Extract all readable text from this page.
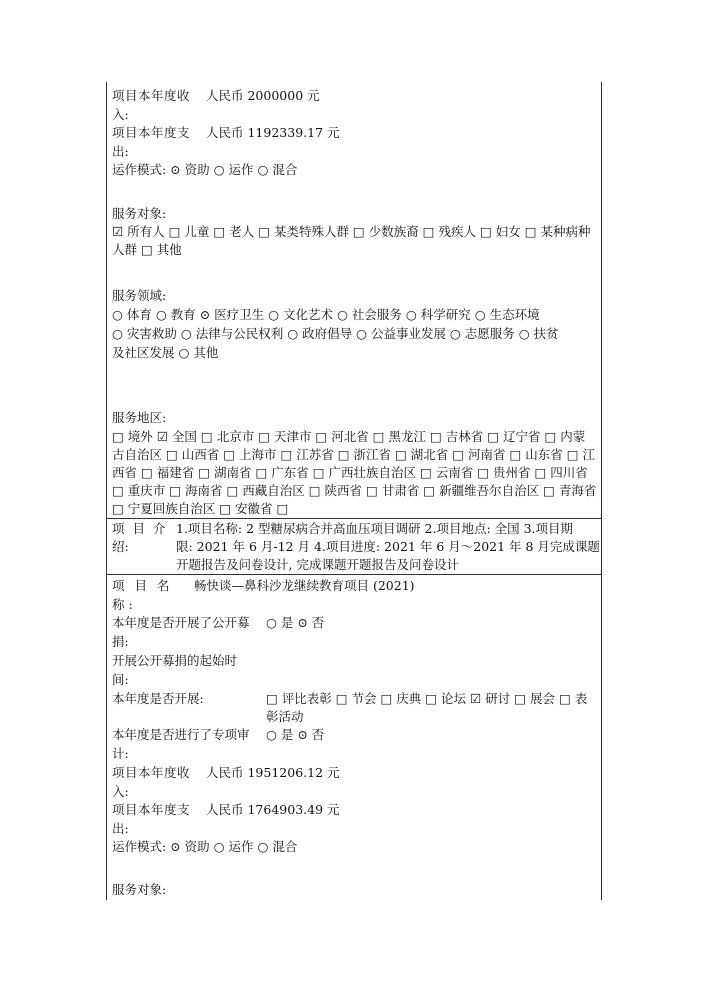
项目本年度收 人民币 2000000 元
入:
项目本年度支 人民币 1192339.17 元
出:
运作模式: ⊙ 资助 ○ 运作 ○ 混合
服务对象:
☑ 所有人 □ 儿童 □ 老人 □ 某类特殊人群 □ 少数族裔 □ 残疾人 □ 妇女 □ 某种病种
人群 □ 其他
服务领域:
○ 体育 ○ 教育 ⊙ 医疗卫生 ○ 文化艺术 ○ 社会服务 ○ 科学研究 ○ 生态环境
○ 灾害救助 ○ 法律与公民权利 ○ 政府倡导 ○ 公益事业发展 ○ 志愿服务 ○ 扶贫
及社区发展 ○ 其他
服务地区:
□ 境外 ☑ 全国 □ 北京市 □ 天津市 □ 河北省 □ 黑龙江 □ 吉林省 □ 辽宁省 □ 内蒙
古自治区 □ 山西省 □ 上海市 □ 江苏省 □ 浙江省 □ 湖北省 □ 河南省 □ 山东省 □ 江
西省 □ 福建省 □ 湖南省 □ 广东省 □ 广西壮族自治区 □ 云南省 □ 贵州省 □ 四川省
□ 重庆市 □ 海南省 □ 西藏自治区 □ 陕西省 □ 甘肃省 □ 新疆维吾尔自治区 □ 青海省
□ 宁夏回族自治区 □ 安徽省 □
项 目 介
绍:
1.项目名称: 2 型糖尿病合并高血压项目调研 2.项目地点: 全国 3.项目期
限: 2021 年 6 月-12 月 4.项目进度: 2021 年 6 月～2021 年 8 月完成课题
开题报告及问卷设计, 完成课题开题报告及问卷设计
项 目 名 畅快谈—鼻科沙龙继续教育项目 (2021)
称 :
本年度是否开展了公开募 ○ 是 ⊙ 否
捐:
开展公开募捐的起始时
间:
本年度是否开展:	□ 评比表彰 □ 节会 □ 庆典 □ 论坛 ☑ 研讨 □ 展会 □ 表
彰活动
本年度是否进行了专项审 ○ 是 ⊙ 否
计:
项目本年度收 人民币 1951206.12 元
入:
项目本年度支 人民币 1764903.49 元
出:
运作模式: ⊙ 资助 ○ 运作 ○ 混合
服务对象:
